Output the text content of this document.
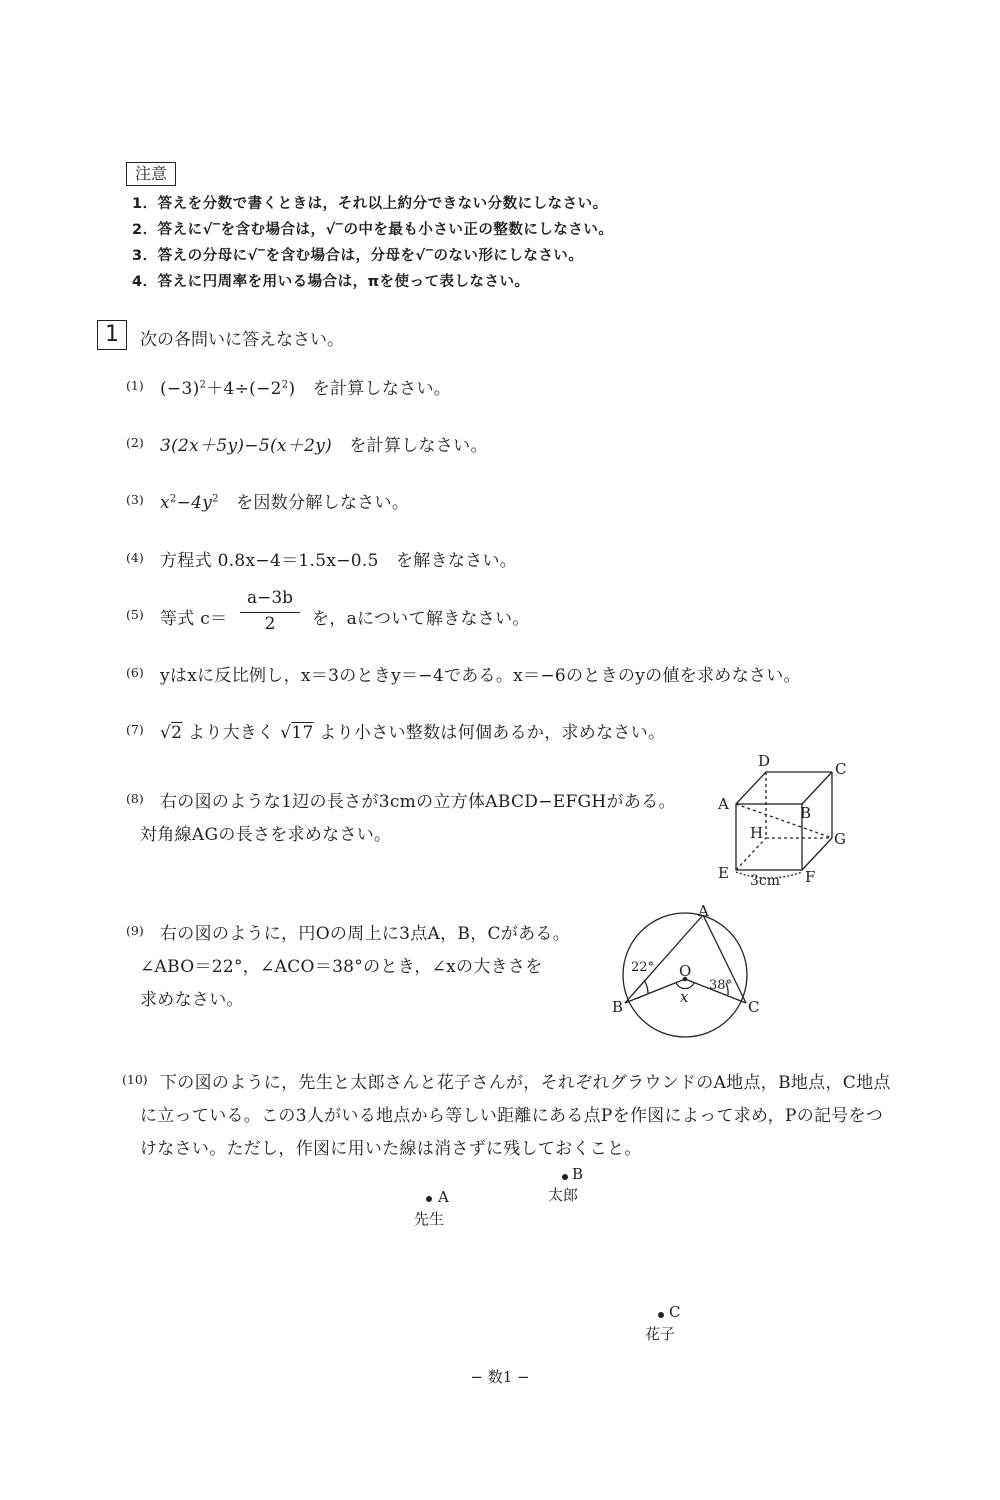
注意
1．答えを分数で書くときは，それ以上約分できない分数にしなさい。
2．答えに√‾を含む場合は，√‾の中を最も小さい正の整数にしなさい。
3．答えの分母に√‾を含む場合は，分母を√‾のない形にしなさい。
4．答えに円周率を用いる場合は，πを使って表しなさい。
1	次の各問いに答えなさい。
(1) $(-3)^2+4\div(-2^2)$　 を計算しなさい。
(2) 3(2x＋5y)−5(x＋2y)　 を計算しなさい。
(3) $x^2-4y^2$　 を因数分解しなさい。
(4) 方程式 0.8x−4＝1.5x−0.5　を解きなさい。
(5) 等式 c＝
a−3b
2	を，aについて解きなさい。
(6) yはxに反比例し，x＝3のときy＝−4である。x＝−6のときのyの値を求めなさい。
(7) √2 より大きく √17 より小さい整数は何個あるか，求めなさい。
(8) 右の図のような1辺の長さが3cmの立方体ABCD−EFGHがある。
対角線AGの長さを求めなさい。
D	C
A	B
H	G
E	F
3cm
(9) 右の図のように，円Oの周上に3点A，B，Cがある。
∠ABO＝22°，∠ACO＝38°のとき，∠xの大きさを
求めなさい。
A
22° O
38°
x
B	C
(10) 下の図のように，先生と太郎さんと花子さんが，それぞれグラウンドのA地点，B地点，C地点
に立っている。この3人がいる地点から等しい距離にある点Pを作図によって求め，Pの記号をつ
けなさい。ただし，作図に用いた線は消さずに残しておくこと。
A
先生
B
太郎
C
花子
− 数1 −
